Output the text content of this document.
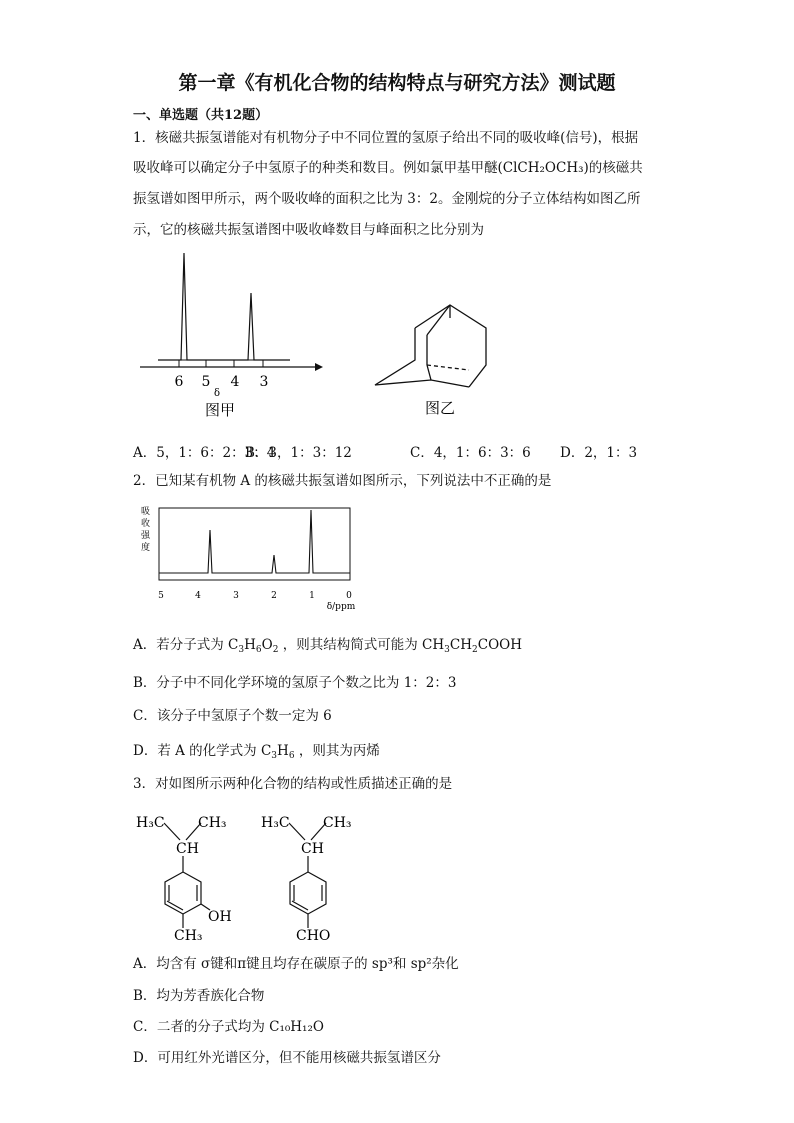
第一章《有机化合物的结构特点与研究方法》测试题
一、单选题（共12题）
1．核磁共振氢谱能对有机物分子中不同位置的氢原子给出不同的吸收峰(信号)，根据
吸收峰可以确定分子中氢原子的种类和数目。例如氯甲基甲醚(ClCH₂OCH₃)的核磁共
振氢谱如图甲所示，两个吸收峰的面积之比为 3：2。金刚烷的分子立体结构如图乙所
示，它的核磁共振氢谱图中吸收峰数目与峰面积之比分别为
6 5 4 3
δ
图甲	图乙
A．5，1：6：2：3：4
B．3，1：3：12	C．4，1：6：3：6 D．2，1：3
2．已知某有机物 A 的核磁共振氢谱如图所示，下列说法中不正确的是
吸
收
强
度
5	4	3	2	1	0
δ/ppm
A．若分子式为 $C_3H_6O_2$ ，则其结构简式可能为 $CH_3CH_2COOH$
B．分子中不同化学环境的氢原子个数之比为 1：2：3
C．该分子中氢原子个数一定为 6
D．若 A 的化学式为 $C_3H_6$ ，则其为丙烯
3．对如图所示两种化合物的结构或性质描述正确的是
H₃C CH₃
CH
OH
CH₃
H₃C CH₃
CH
CHO
A．均含有 σ键和π键且均存在碳原子的 sp³和 sp²杂化
B．均为芳香族化合物
C．二者的分子式均为 C₁₀H₁₂O
D．可用红外光谱区分，但不能用核磁共振氢谱区分
